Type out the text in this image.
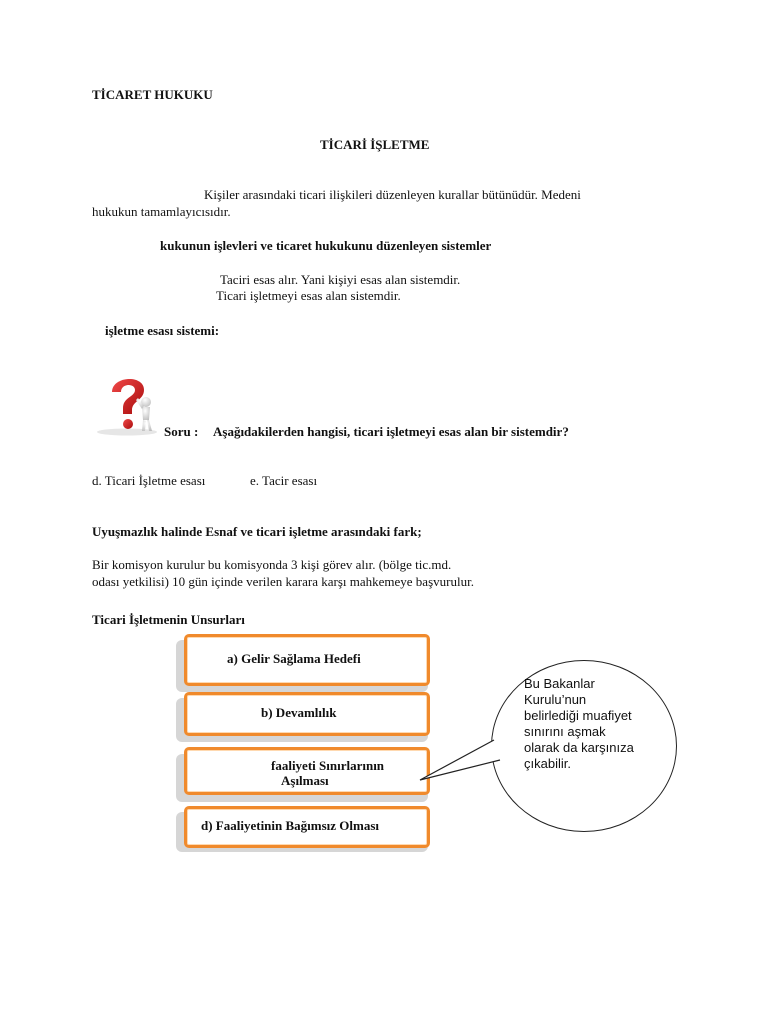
TİCARET HUKUKU
TİCARİ İŞLETME
Kişiler arasındaki ticari ilişkileri düzenleyen kurallar bütünüdür. Medeni
hukukun tamamlayıcısıdır.
kukunun işlevleri ve ticaret hukukunu düzenleyen sistemler
Taciri esas alır. Yani kişiyi esas alan sistemdir.
Ticari işletmeyi esas alan sistemdir.
işletme esası sistemi:
Soru : Aşağıdakilerden hangisi, ticari işletmeyi esas alan bir sistemdir?
d. Ticari İşletme esası	e. Tacir esası
Uyuşmazlık halinde Esnaf ve ticari işletme arasındaki fark;
Bir komisyon kurulur bu komisyonda 3 kişi görev alır. (bölge tic.md.
odası yetkilisi) 10 gün içinde verilen karara karşı mahkemeye başvurulur.
Ticari İşletmenin Unsurları
a) Gelir Sağlama Hedefi
b) Devamlılık
faaliyeti Sınırlarının
Aşılması
d) Faaliyetinin Bağımsız Olması
Bu Bakanlar Kurulu’nun belirlediği muafiyet sınırını aşmak olarak da karşınıza çıkabilir.
